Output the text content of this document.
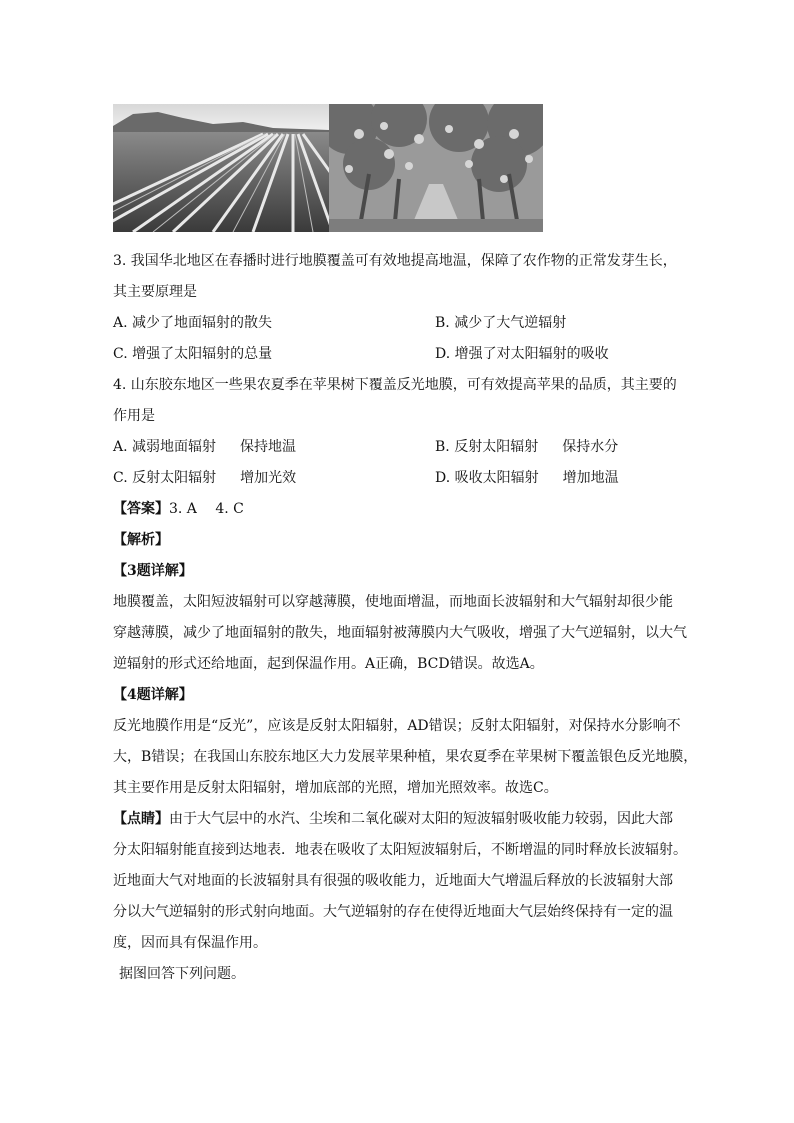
3. 我国华北地区在春播时进行地膜覆盖可有效地提高地温，保障了农作物的正常发芽生长，
其主要原理是
A. 减少了地面辐射的散失	B. 减少了大气逆辐射
C. 增强了太阳辐射的总量	D. 增强了对太阳辐射的吸收
4. 山东胶东地区一些果农夏季在苹果树下覆盖反光地膜，可有效提高苹果的品质，其主要的
作用是
A. 减弱地面辐射 保持地温	B. 反射太阳辐射 保持水分
C. 反射太阳辐射 增加光效	D. 吸收太阳辐射 增加地温
【答案】3. A　 4. C
【解析】
【3题详解】
地膜覆盖，太阳短波辐射可以穿越薄膜，使地面增温，而地面长波辐射和大气辐射却很少能
穿越薄膜，减少了地面辐射的散失，地面辐射被薄膜内大气吸收，增强了大气逆辐射，以大气
逆辐射的形式还给地面，起到保温作用。A正确，BCD错误。故选A。
【4题详解】
反光地膜作用是“反光”，应该是反射太阳辐射，AD错误；反射太阳辐射，对保持水分影响不
大，B错误；在我国山东胶东地区大力发展苹果种植，果农夏季在苹果树下覆盖银色反光地膜，
其主要作用是反射太阳辐射，增加底部的光照，增加光照效率。故选C。
【点睛】由于大气层中的水汽、尘埃和二氧化碳对太阳的短波辐射吸收能力较弱，因此大部
分太阳辐射能直接到达地表．地表在吸收了太阳短波辐射后，不断增温的同时释放长波辐射。
近地面大气对地面的长波辐射具有很强的吸收能力，近地面大气增温后释放的长波辐射大部
分以大气逆辐射的形式射向地面。大气逆辐射的存在使得近地面大气层始终保持有一定的温
度，因而具有保温作用。
据图回答下列问题。
